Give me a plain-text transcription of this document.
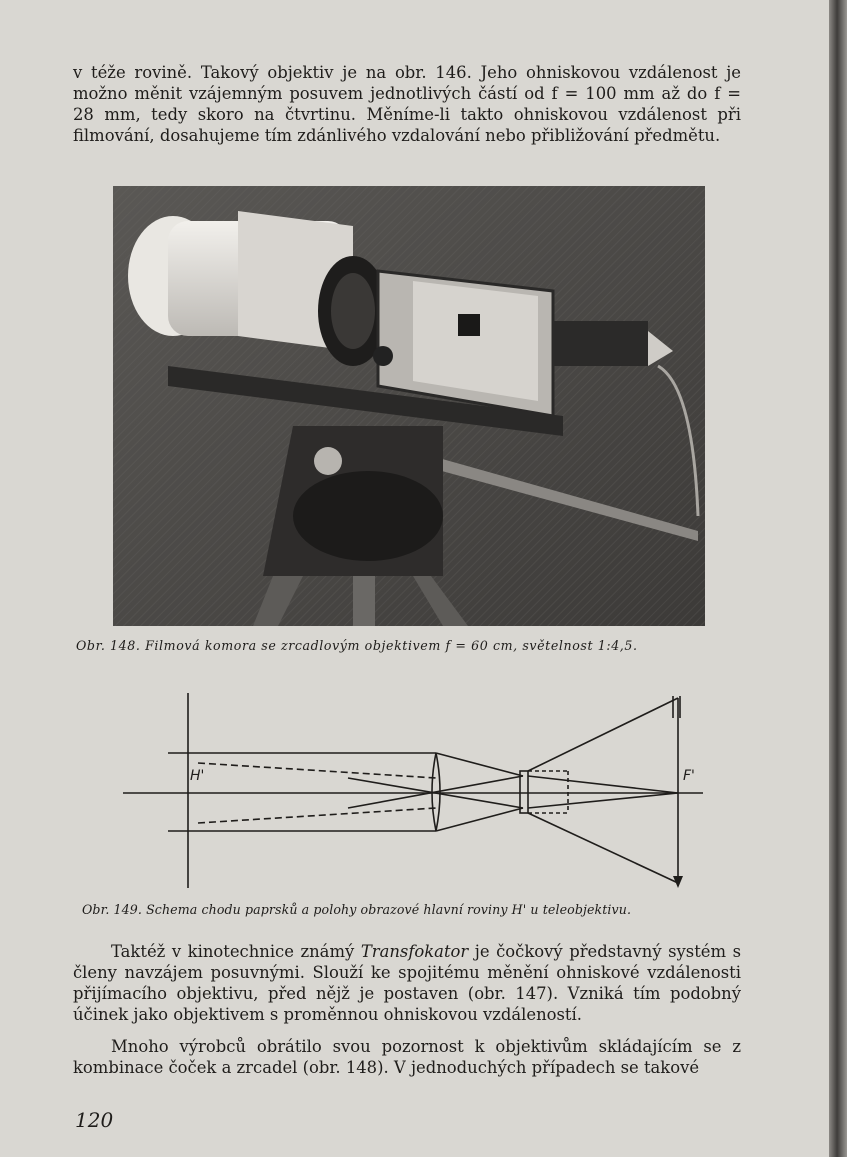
v téže rovině. Takový objektiv je na obr. 146. Jeho ohniskovou vzdálenost je možno měnit vzájemným posuvem jednotlivých částí od f = 100 mm až do f = 28 mm, tedy skoro na čtvrtinu. Měníme-li takto ohniskovou vzdálenost při filmování, dosahujeme tím zdánlivého vzdalování nebo přibližování předmětu.

Obr. 148. Filmová komora se zrcadlovým objektivem f = 60 cm, světelnost 1:4,5.
H'	F'
Obr. 149. Schema chodu paprsků a polohy obrazové hlavní roviny H' u teleobjektivu.

Taktéž v kinotechnice známý Transfokator je čočkový představný systém s členy navzájem posuvnými. Slouží ke spojitému měnění ohniskové vzdálenosti přijímacího objektivu, před nějž je postaven (obr. 147). Vzniká tím podobný účinek jako objektivem s proměnnou ohniskovou vzdáleností.

Mnoho výrobců obrátilo svou pozornost k objektivům skládajícím se z kombinace čoček a zrcadel (obr. 148). V jednoduchých případech se takové

120
